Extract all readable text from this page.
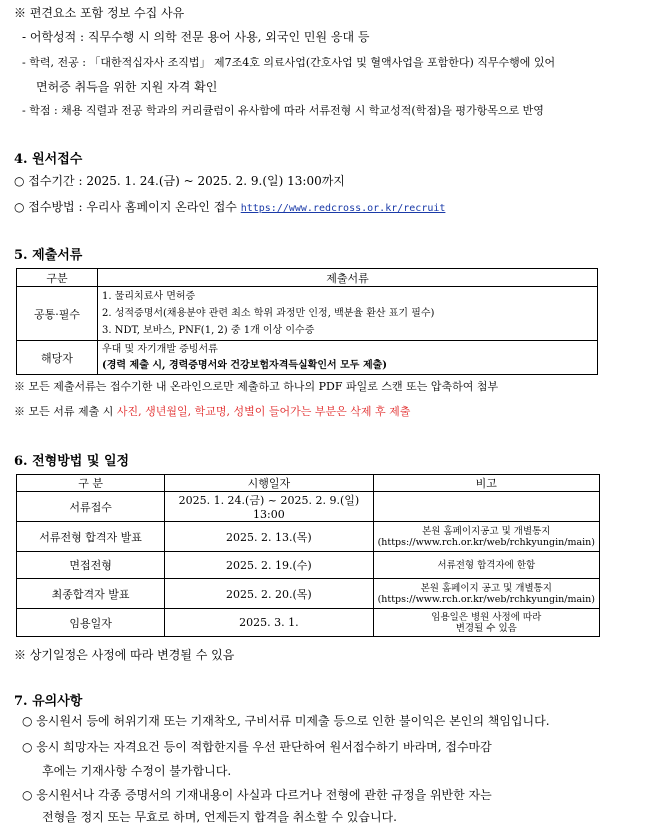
※ 편견요소 포함 정보 수집 사유
- 어학성적 : 직무수행 시 의학 전문 용어 사용, 외국인 민원 응대 등
- 학력, 전공 : 「대한적십자사 조직법」 제7조4호 의료사업(간호사업 및 혈액사업을 포함한다) 직무수행에 있어
면허증 취득을 위한 지원 자격 확인
- 학점 : 채용 직렬과 전공 학과의 커리큘럼이 유사함에 따라 서류전형 시 학교성적(학점)을 평가항목으로 반영
4. 원서접수
○ 접수기간 : 2025. 1. 24.(금) ~ 2025. 2. 9.(일) 13:00까지
○ 접수방법 : 우리사 홈페이지 온라인 접수 https://www.redcross.or.kr/recruit
5. 제출서류
구분	제출서류
공통·필수	1. 물리치료사 면허증
2. 성적증명서(채용분야 관련 최소 학위 과정만 인정, 백분율 환산 표기 필수)
3. NDT, 보바스, PNF(1, 2) 중 1개 이상 이수증

해당자	우대 및 자기개발 증빙서류
(경력 제출 시, 경력증명서와 건강보험자격득실확인서 모두 제출)
※ 모든 제출서류는 접수기한 내 온라인으로만 제출하고 하나의 PDF 파일로 스캔 또는 압축하여 첨부
※ 모든 서류 제출 시 사진, 생년월일, 학교명, 성별이 들어가는 부분은 삭제 후 제출
6. 전형방법 및 일정
구 분	시행일자	비고
서류접수	2025. 1. 24.(금) ~ 2025. 2. 9.(일) 13:00	

서류전형 합격자 발표	2025. 2. 13.(목)	본원 홈페이지공고 및 개별통지
(https://www.rch.or.kr/web/rchkyungin/main)

면접전형	2025. 2. 19.(수)	서류전형 합격자에 한함

최종합격자 발표	2025. 2. 20.(목)	본원 홈페이지 공고 및 개별통지
(https://www.rch.or.kr/web/rchkyungin/main)

임용일자	2025. 3. 1.	임용일은 병원 사정에 따라
변경될 수 있음
※ 상기일정은 사정에 따라 변경될 수 있음
7. 유의사항
○ 응시원서 등에 허위기재 또는 기재착오, 구비서류 미제출 등으로 인한 불이익은 본인의 책임입니다.
○ 응시 희망자는 자격요건 등이 적합한지를 우선 판단하여 원서접수하기 바라며, 접수마감
후에는 기재사항 수정이 불가합니다.
○ 응시원서나 각종 증명서의 기재내용이 사실과 다르거나 전형에 관한 규정을 위반한 자는
전형을 정지 또는 무효로 하며, 언제든지 합격을 취소할 수 있습니다.
